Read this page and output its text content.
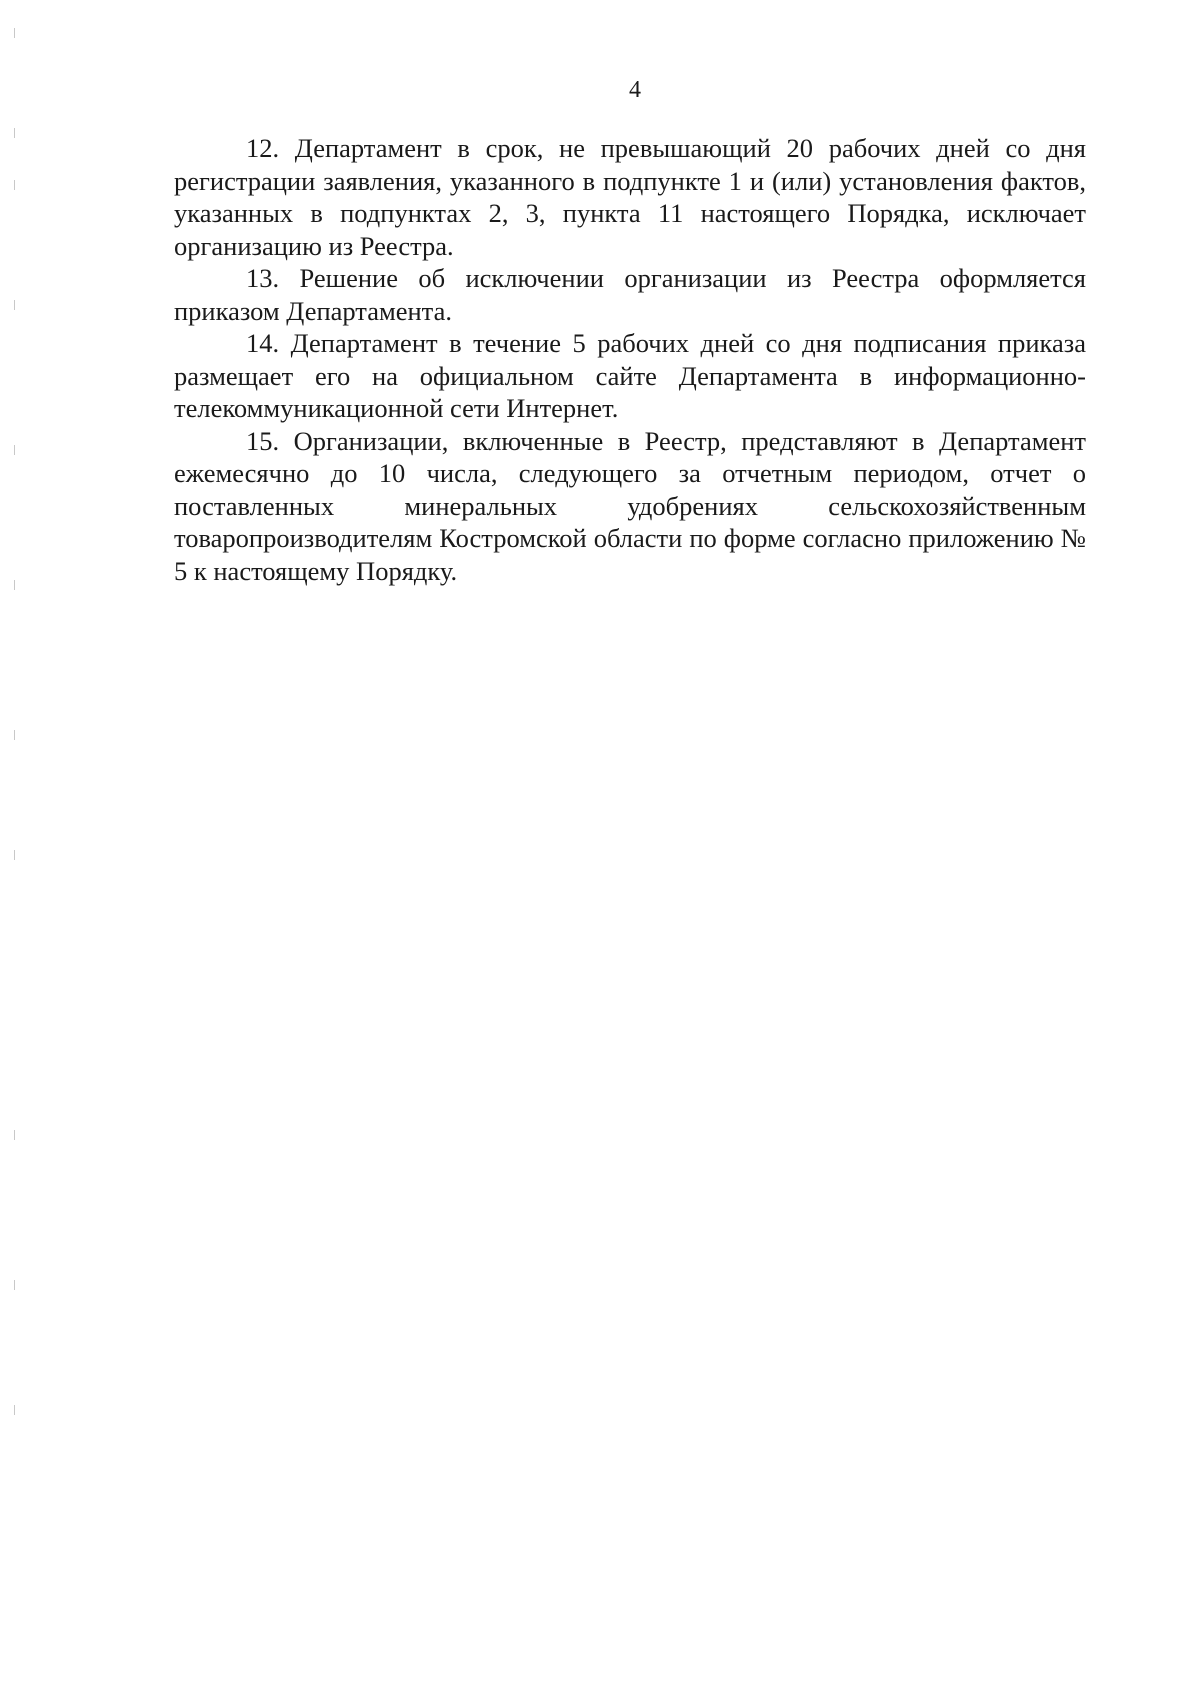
4

12. Департамент в срок, не превышающий 20 рабочих дней со дня регистрации заявления, указанного в подпункте 1 и (или) установления фактов, указанных в подпунктах 2, 3, пункта 11 настоящего Порядка, исключает организацию из Реестра.

13. Решение об исключении организации из Реестра оформляется приказом Департамента.

14. Департамент в течение 5 рабочих дней со дня подписания приказа размещает его на официальном сайте Департамента в информационно-телекоммуникационной сети Интернет.

15. Организации, включенные в Реестр, представляют в Департамент ежемесячно до 10 числа, следующего за отчетным периодом, отчет о поставленных минеральных удобрениях сельскохозяйственным товаропроизводителям Костромской области по форме согласно приложению № 5 к настоящему Порядку.
